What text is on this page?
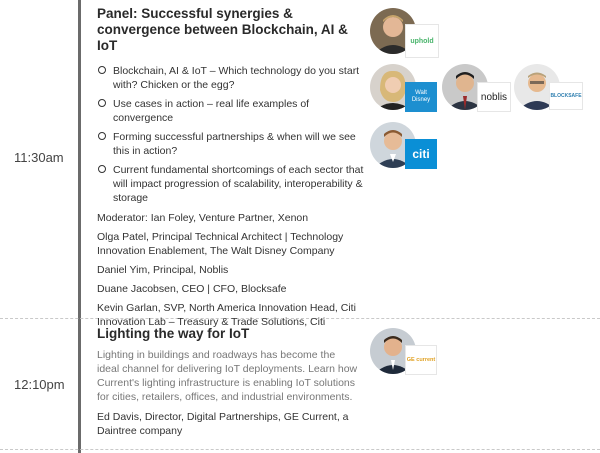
11:30am
Panel: Successful synergies & convergence between Blockchain, AI & IoT
Blockchain, AI & IoT – Which technology do you start with? Chicken or the egg?
Use cases in action – real life examples of convergence
Forming successful partnerships & when will we see this in action?
Current fundamental shortcomings of each sector that will impact progression of scalability, interoperability & storage
Moderator: Ian Foley, Venture Partner, Xenon
Olga Patel, Principal Technical Architect | Technology Innovation Enablement, The Walt Disney Company
Daniel Yim, Principal, Noblis
Duane Jacobsen, CEO | CFO, Blocksafe
Kevin Garlan, SVP, North America Innovation Head, Citi Innovation Lab – Treasury & Trade Solutions, Citi
uphold
Walt Disney	noblis	BLOCKSAFE
citi
12:10pm
Lighting the way for IoT
Lighting in buildings and roadways has become the ideal channel for delivering IoT deployments. Learn how Current's lighting infrastructure is enabling IoT solutions for cities, retailers, offices, and industrial environments.
Ed Davis, Director, Digital Partnerships, GE Current, a Daintree company
GE current
